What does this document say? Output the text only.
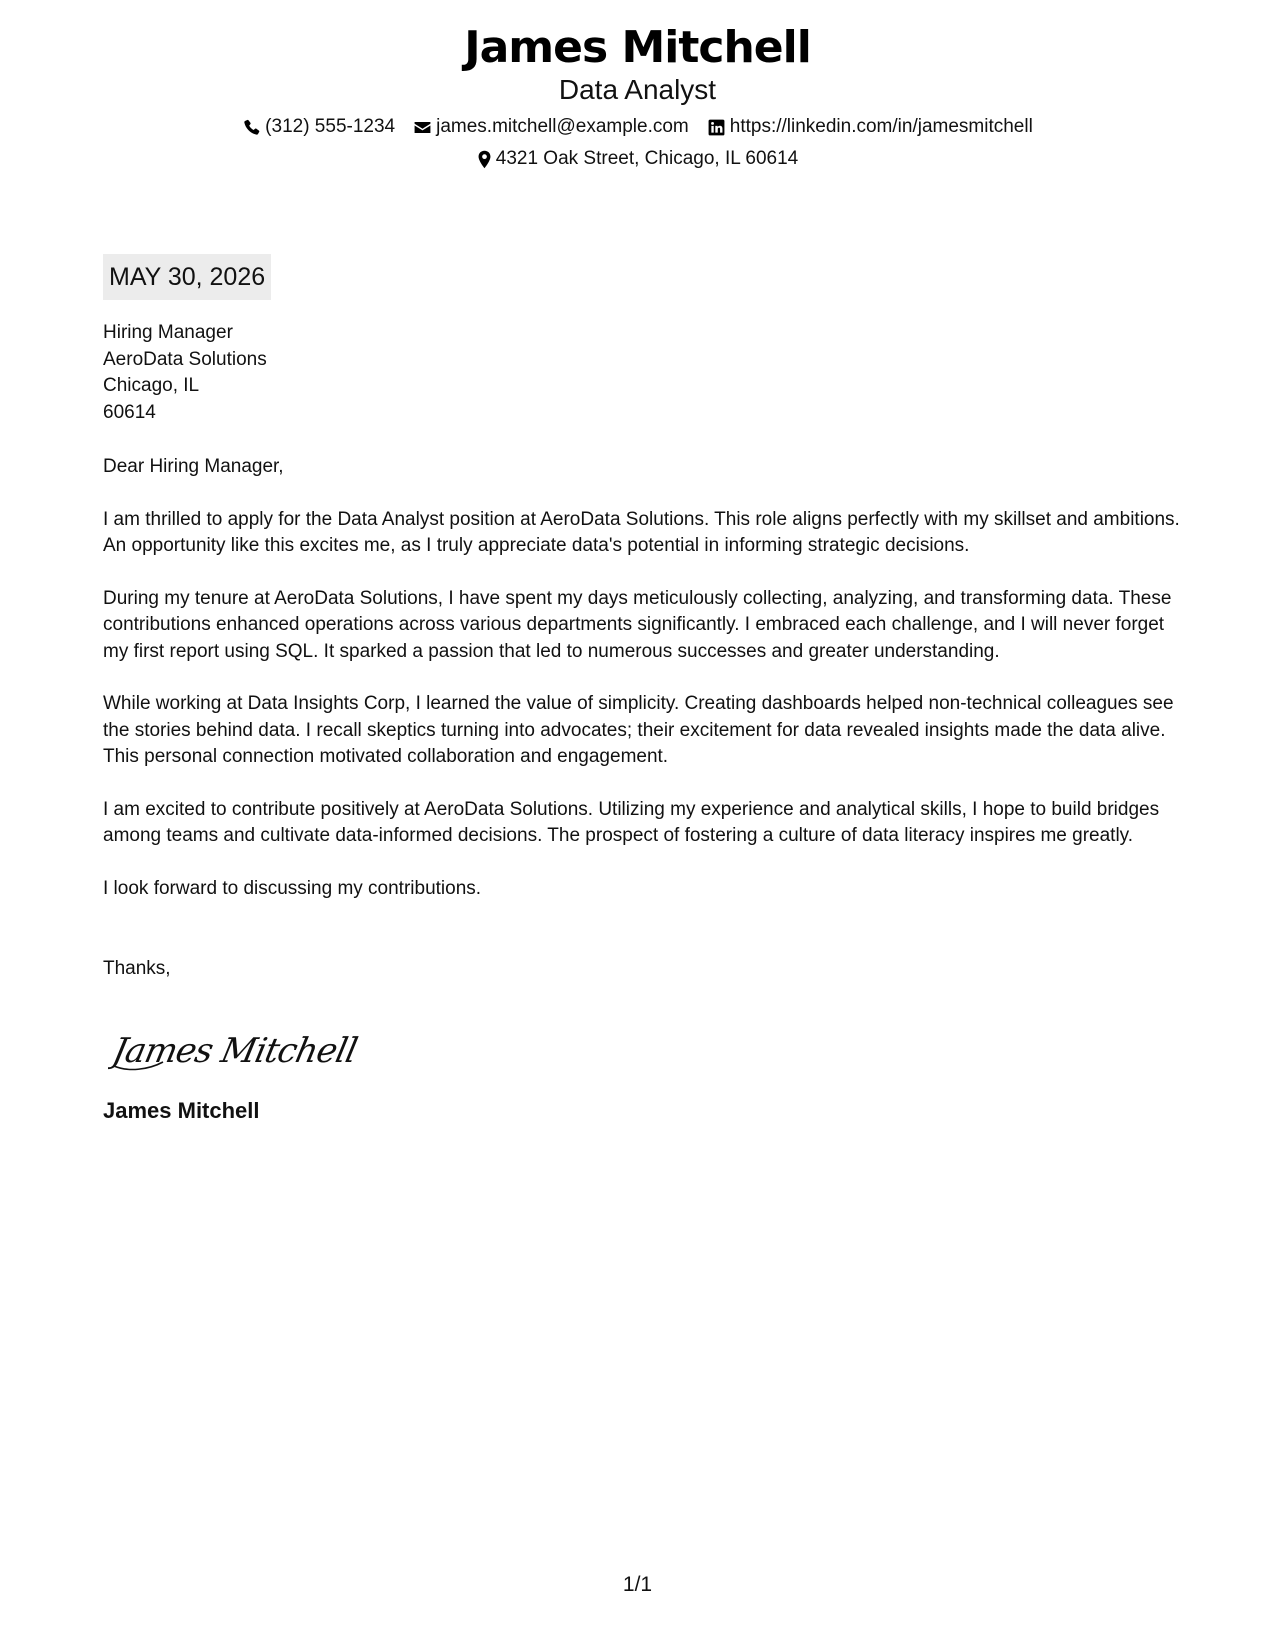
James Mitchell
Data Analyst
(312) 555-1234 james.mitchell@example.com https://linkedin.com/in/jamesmitchell
4321 Oak Street, Chicago, IL 60614
MAY 30, 2026
Hiring Manager
AeroData Solutions
Chicago, IL
60614

Dear Hiring Manager,

I am thrilled to apply for the Data Analyst position at AeroData Solutions. This role aligns perfectly with my skillset and ambitions. An opportunity like this excites me, as I truly appreciate data's potential in informing strategic decisions.

During my tenure at AeroData Solutions, I have spent my days meticulously collecting, analyzing, and transforming data. These contributions enhanced operations across various departments significantly. I embraced each challenge, and I will never forget my first report using SQL. It sparked a passion that led to numerous successes and greater understanding.

While working at Data Insights Corp, I learned the value of simplicity. Creating dashboards helped non-technical colleagues see the stories behind data. I recall skeptics turning into advocates; their excitement for data revealed insights made the data alive. This personal connection motivated collaboration and engagement.

I am excited to contribute positively at AeroData Solutions. Utilizing my experience and analytical skills, I hope to build bridges among teams and cultivate data-informed decisions. The prospect of fostering a culture of data literacy inspires me greatly.

I look forward to discussing my contributions.

Thanks,
James Mitchell
James Mitchell
1/1
